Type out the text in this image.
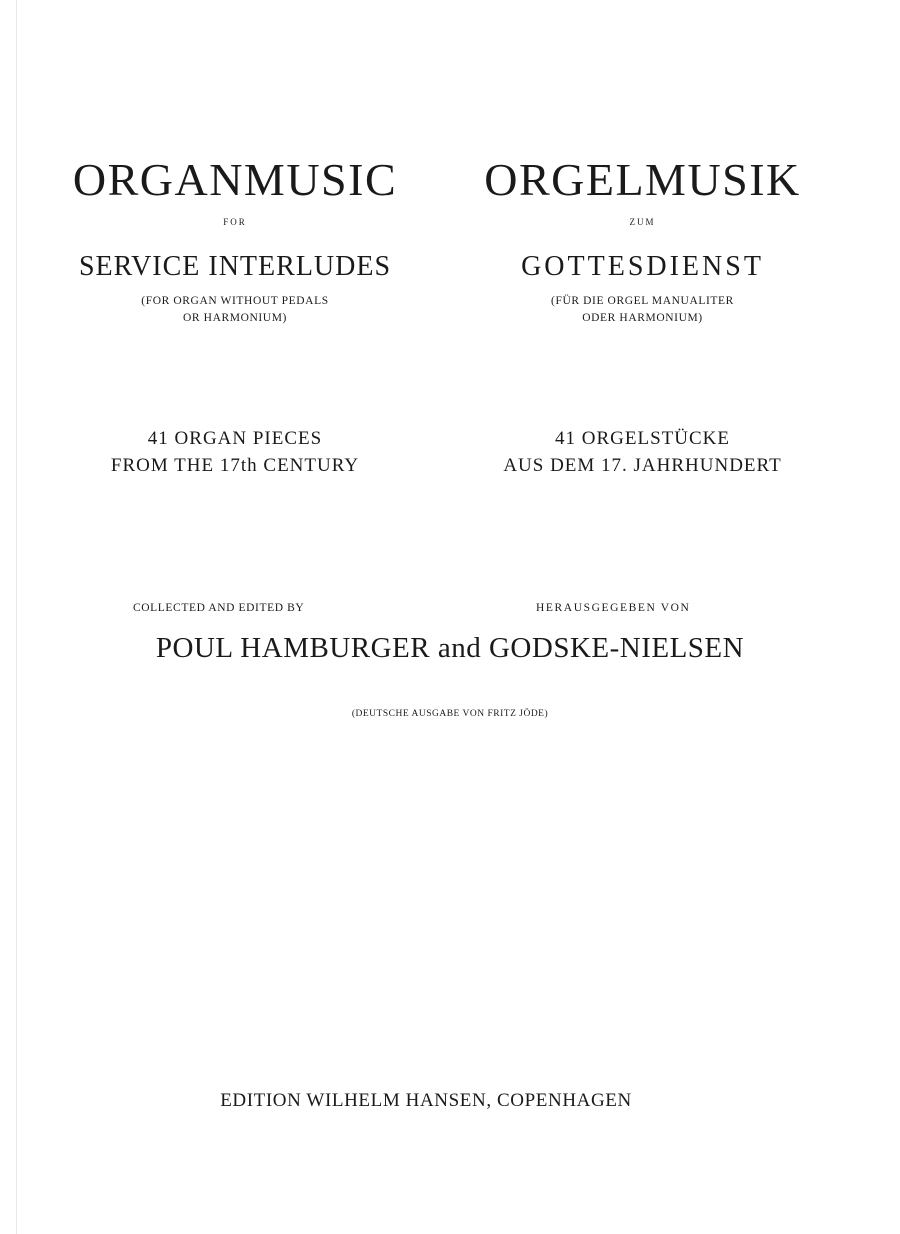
ORGANMUSIC
for
SERVICE INTERLUDES
(FOR ORGAN WITHOUT PEDALS
OR HARMONIUM)
41 ORGAN PIECES
FROM THE 17th CENTURY
ORGELMUSIK
zum
GOTTESDIENST
(FÜR DIE ORGEL MANUALITER
ODER HARMONIUM)
41 ORGELSTÜCKE
AUS DEM 17. JAHRHUNDERT
COLLECTED AND EDITED BY	HERAUSGEGEBEN VON
POUL HAMBURGER and GODSKE-NIELSEN
(DEUTSCHE AUSGABE VON FRITZ JÖDE)
EDITION WILHELM HANSEN, COPENHAGEN
